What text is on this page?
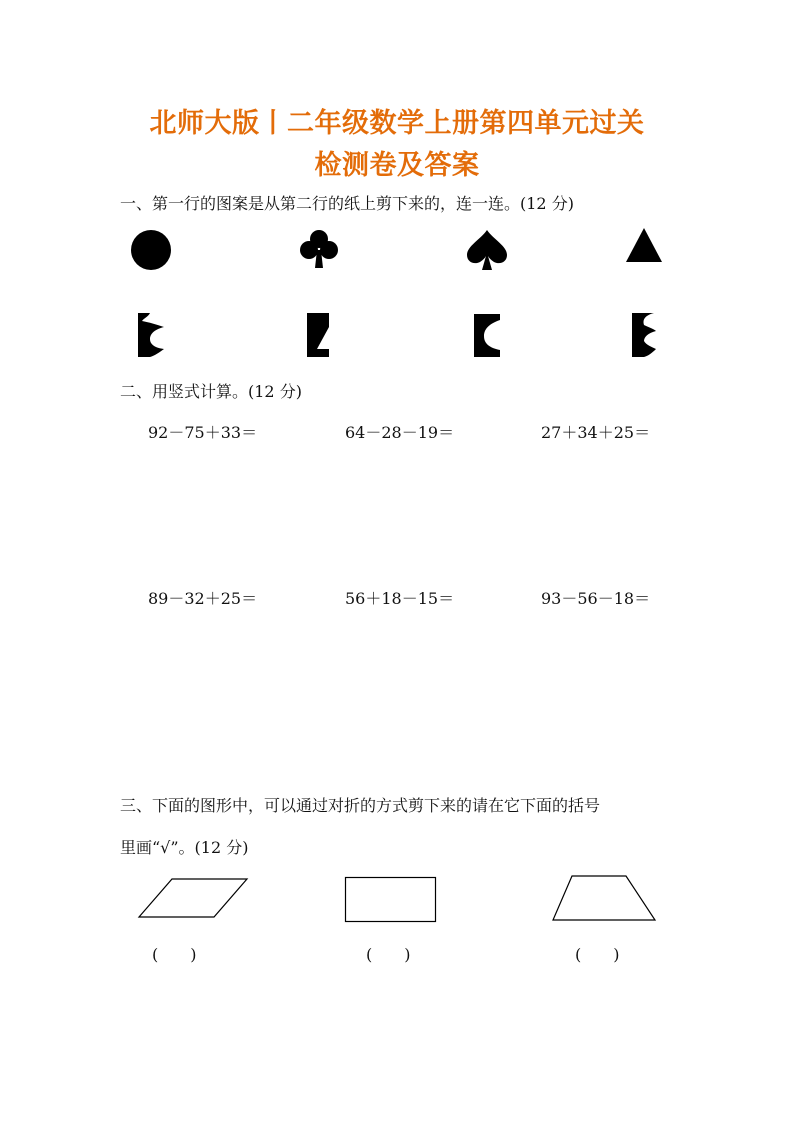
北师大版丨二年级数学上册第四单元过关
检测卷及答案
一、第一行的图案是从第二行的纸上剪下来的，连一连。(12 分)
二、用竖式计算。(12 分)
92－75＋33＝	64－28－19＝	27＋34＋25＝
89－32＋25＝	56＋18－15＝	93－56－18＝
三、下面的图形中，可以通过对折的方式剪下来的请在它下面的括号
里画“√”。(12 分)
(　　)	(　　)	(　　)
